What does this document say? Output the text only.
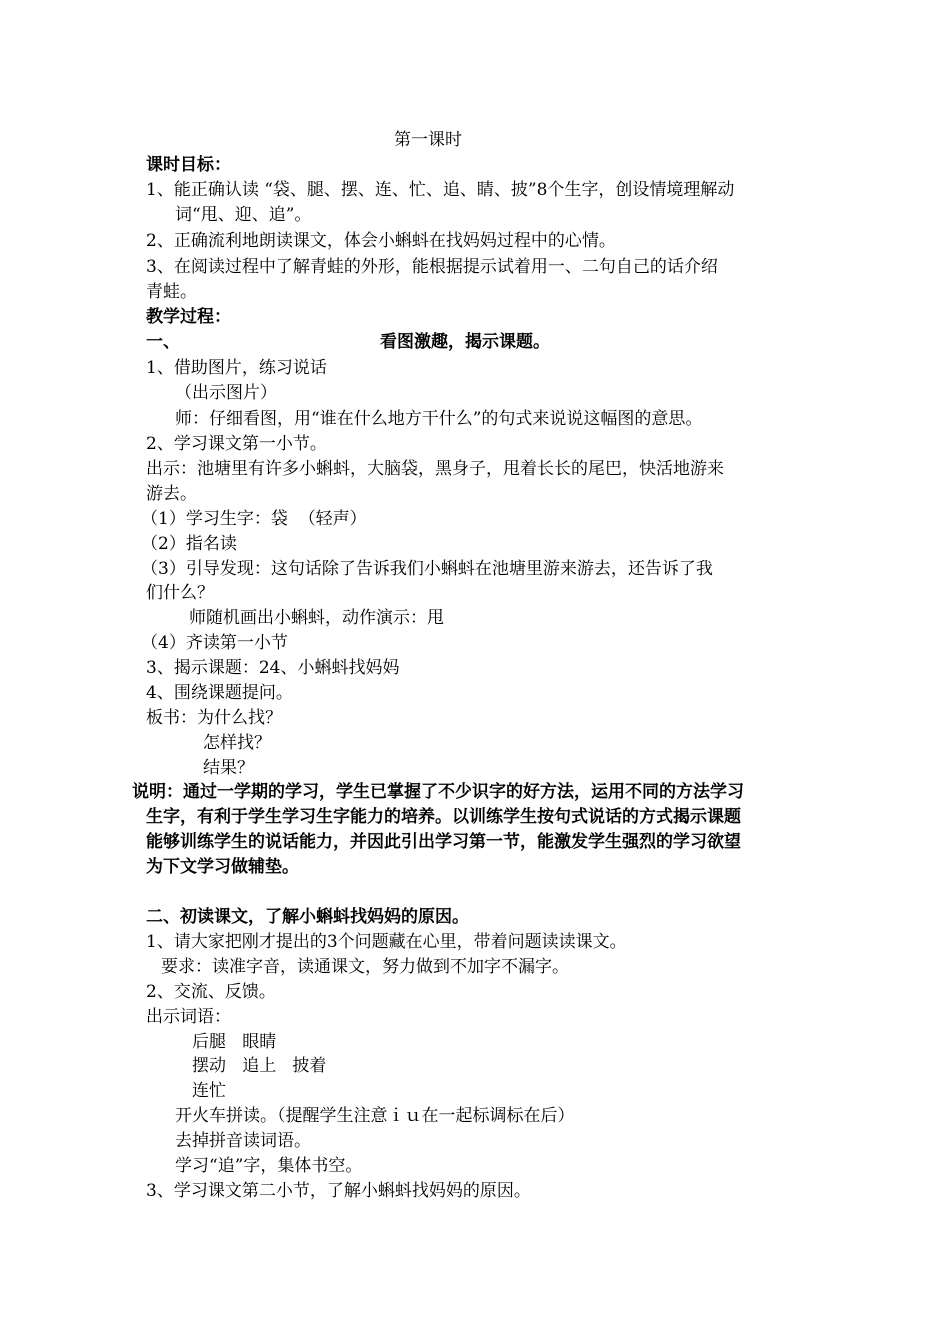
第一课时
课时目标：
1、能正确认读 “袋、腿、摆、连、忙、追、睛、披”8个生字，创设情境理解动
词“甩、迎、追”。
2、正确流利地朗读课文，体会小蝌蚪在找妈妈过程中的心情。
3、在阅读过程中了解青蛙的外形，能根据提示试着用一、二句自己的话介绍
青蛙。
教学过程：
一、	看图激趣，揭示课题。
1、借助图片，练习说话
（出示图片）
师：仔细看图，用“谁在什么地方干什么”的句式来说说这幅图的意思。
2、学习课文第一小节。
出示：池塘里有许多小蝌蚪，大脑袋，黑身子，甩着长长的尾巴，快活地游来
游去。
（1）学习生字：袋  （轻声）
（2）指名读
（3）引导发现：这句话除了告诉我们小蝌蚪在池塘里游来游去，还告诉了我
们什么？
师随机画出小蝌蚪，动作演示：甩
（4）齐读第一小节
3、揭示课题：24、小蝌蚪找妈妈
4、围绕课题提问。
板书：为什么找？
怎样找？
结果？
说明：通过一学期的学习，学生已掌握了不少识字的好方法，运用不同的方法学习
生字，有利于学生学习生字能力的培养。以训练学生按句式说话的方式揭示课题
能够训练学生的说话能力，并因此引出学习第一节，能激发学生强烈的学习欲望
为下文学习做辅垫。
二、初读课文，了解小蝌蚪找妈妈的原因。
1、请大家把刚才提出的3个问题藏在心里，带着问题读读课文。
要求：读准字音，读通课文，努力做到不加字不漏字。
2、交流、反馈。
出示词语：
后腿   眼睛
摆动   追上   披着
连忙
开火车拼读。（提醒学生注意ｉｕ在一起标调标在后）
去掉拼音读词语。
学习“追”字，集体书空。
3、学习课文第二小节，了解小蝌蚪找妈妈的原因。
